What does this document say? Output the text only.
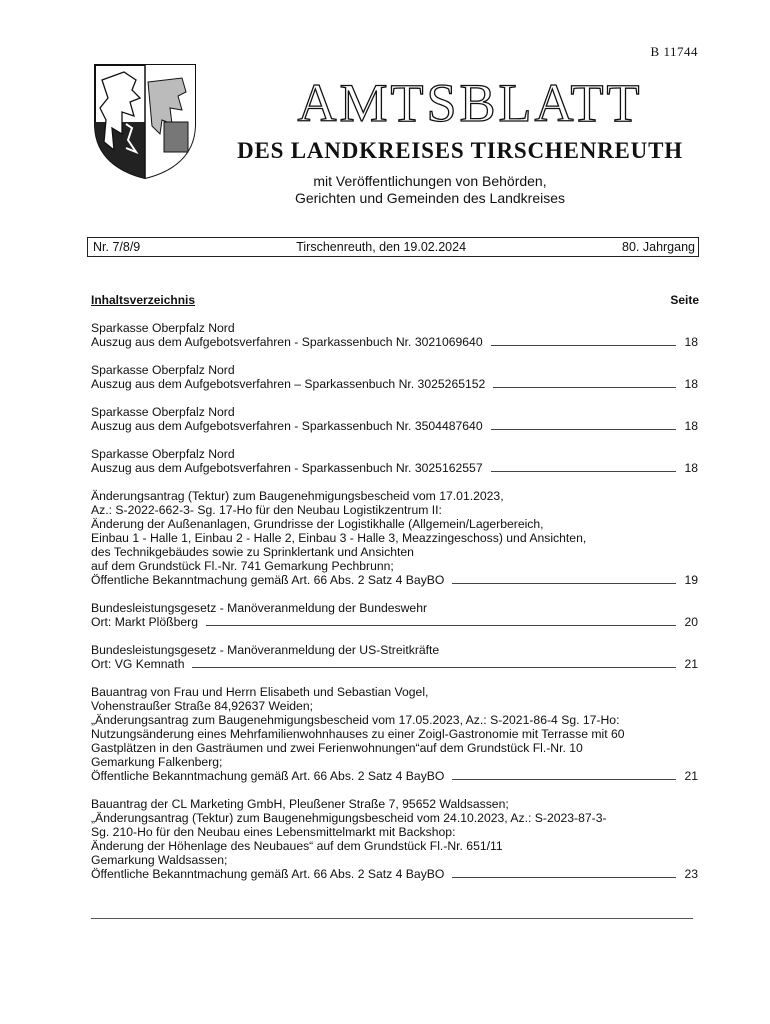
B 11744
AMTSBLATT
DES LANDKREISES TIRSCHENREUTH
mit Veröffentlichungen von Behörden,
Gerichten und Gemeinden des Landkreises
Nr. 7/8/9	Tirschenreuth, den 19.02.2024	80. Jahrgang
Inhaltsverzeichnis	Seite
Sparkasse Oberpfalz Nord
Auszug aus dem Aufgebotsverfahren - Sparkassenbuch Nr. 3021069640	18
Sparkasse Oberpfalz Nord
Auszug aus dem Aufgebotsverfahren – Sparkassenbuch Nr. 3025265152	18
Sparkasse Oberpfalz Nord
Auszug aus dem Aufgebotsverfahren - Sparkassenbuch Nr. 3504487640	18
Sparkasse Oberpfalz Nord
Auszug aus dem Aufgebotsverfahren - Sparkassenbuch Nr. 3025162557	18
Änderungsantrag (Tektur) zum Baugenehmigungsbescheid vom 17.01.2023,
Az.: S-2022-662-3- Sg. 17-Ho für den Neubau Logistikzentrum II:
Änderung der Außenanlagen, Grundrisse der Logistikhalle (Allgemein/Lagerbereich,
Einbau 1 - Halle 1, Einbau 2 - Halle 2, Einbau 3 - Halle 3, Meazzingeschoss) und Ansichten,
des Technikgebäudes sowie zu Sprinklertank und Ansichten
auf dem Grundstück Fl.-Nr. 741 Gemarkung Pechbrunn;
Öffentliche Bekanntmachung gemäß Art. 66 Abs. 2 Satz 4 BayBO	19
Bundesleistungsgesetz - Manöveranmeldung der Bundeswehr
Ort: Markt Plößberg	20
Bundesleistungsgesetz - Manöveranmeldung der US-Streitkräfte
Ort: VG Kemnath	21
Bauantrag von Frau und Herrn Elisabeth und Sebastian Vogel,
Vohenstraußer Straße 84,92637 Weiden;
„Änderungsantrag zum Baugenehmigungsbescheid vom 17.05.2023, Az.: S-2021-86-4 Sg. 17-Ho:
Nutzungsänderung eines Mehrfamilienwohnhauses zu einer Zoigl-Gastronomie mit Terrasse mit 60
Gastplätzen in den Gasträumen und zwei Ferienwohnungen“auf dem Grundstück Fl.-Nr. 10
Gemarkung Falkenberg;
Öffentliche Bekanntmachung gemäß Art. 66 Abs. 2 Satz 4 BayBO	21
Bauantrag der CL Marketing GmbH, Pleußener Straße 7, 95652 Waldsassen;
„Änderungsantrag (Tektur) zum Baugenehmigungsbescheid vom 24.10.2023, Az.: S-2023-87-3-
Sg. 210-Ho für den Neubau eines Lebensmittelmarkt mit Backshop:
Änderung der Höhenlage des Neubaues“ auf dem Grundstück Fl.-Nr. 651/11
Gemarkung Waldsassen;
Öffentliche Bekanntmachung gemäß Art. 66 Abs. 2 Satz 4 BayBO	23
